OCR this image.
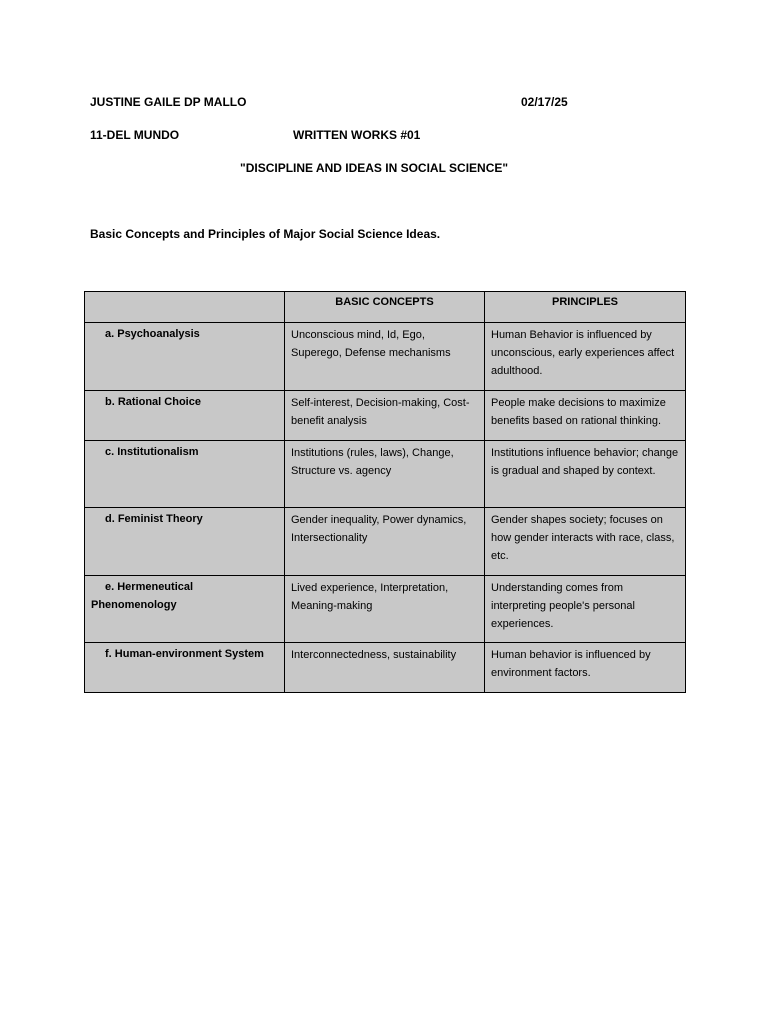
JUSTINE GAILE DP MALLO	02/17/25
11-DEL MUNDO	WRITTEN WORKS #01
"DISCIPLINE AND IDEAS IN SOCIAL SCIENCE"
Basic Concepts and Principles of Major Social Science Ideas.
	BASIC CONCEPTS	PRINCIPLES
a. Psychoanalysis	Unconscious mind, Id, Ego, Superego, Defense mechanisms	Human Behavior is influenced by unconscious, early experiences affect adulthood.
b. Rational Choice	Self-interest, Decision-making, Cost-benefit analysis	People make decisions to maximize benefits based on rational thinking.
c. Institutionalism	Institutions (rules, laws), Change, Structure vs. agency	Institutions influence behavior; change is gradual and shaped by context.
d. Feminist Theory	Gender inequality, Power dynamics, Intersectionality	Gender shapes society; focuses on how gender interacts with race, class, etc.
e. Hermeneutical Phenomenology	Lived experience, Interpretation, Meaning-making	Understanding comes from interpreting people's personal experiences.
f. Human-environment System	Interconnectedness, sustainability	Human behavior is influenced by environment factors.
